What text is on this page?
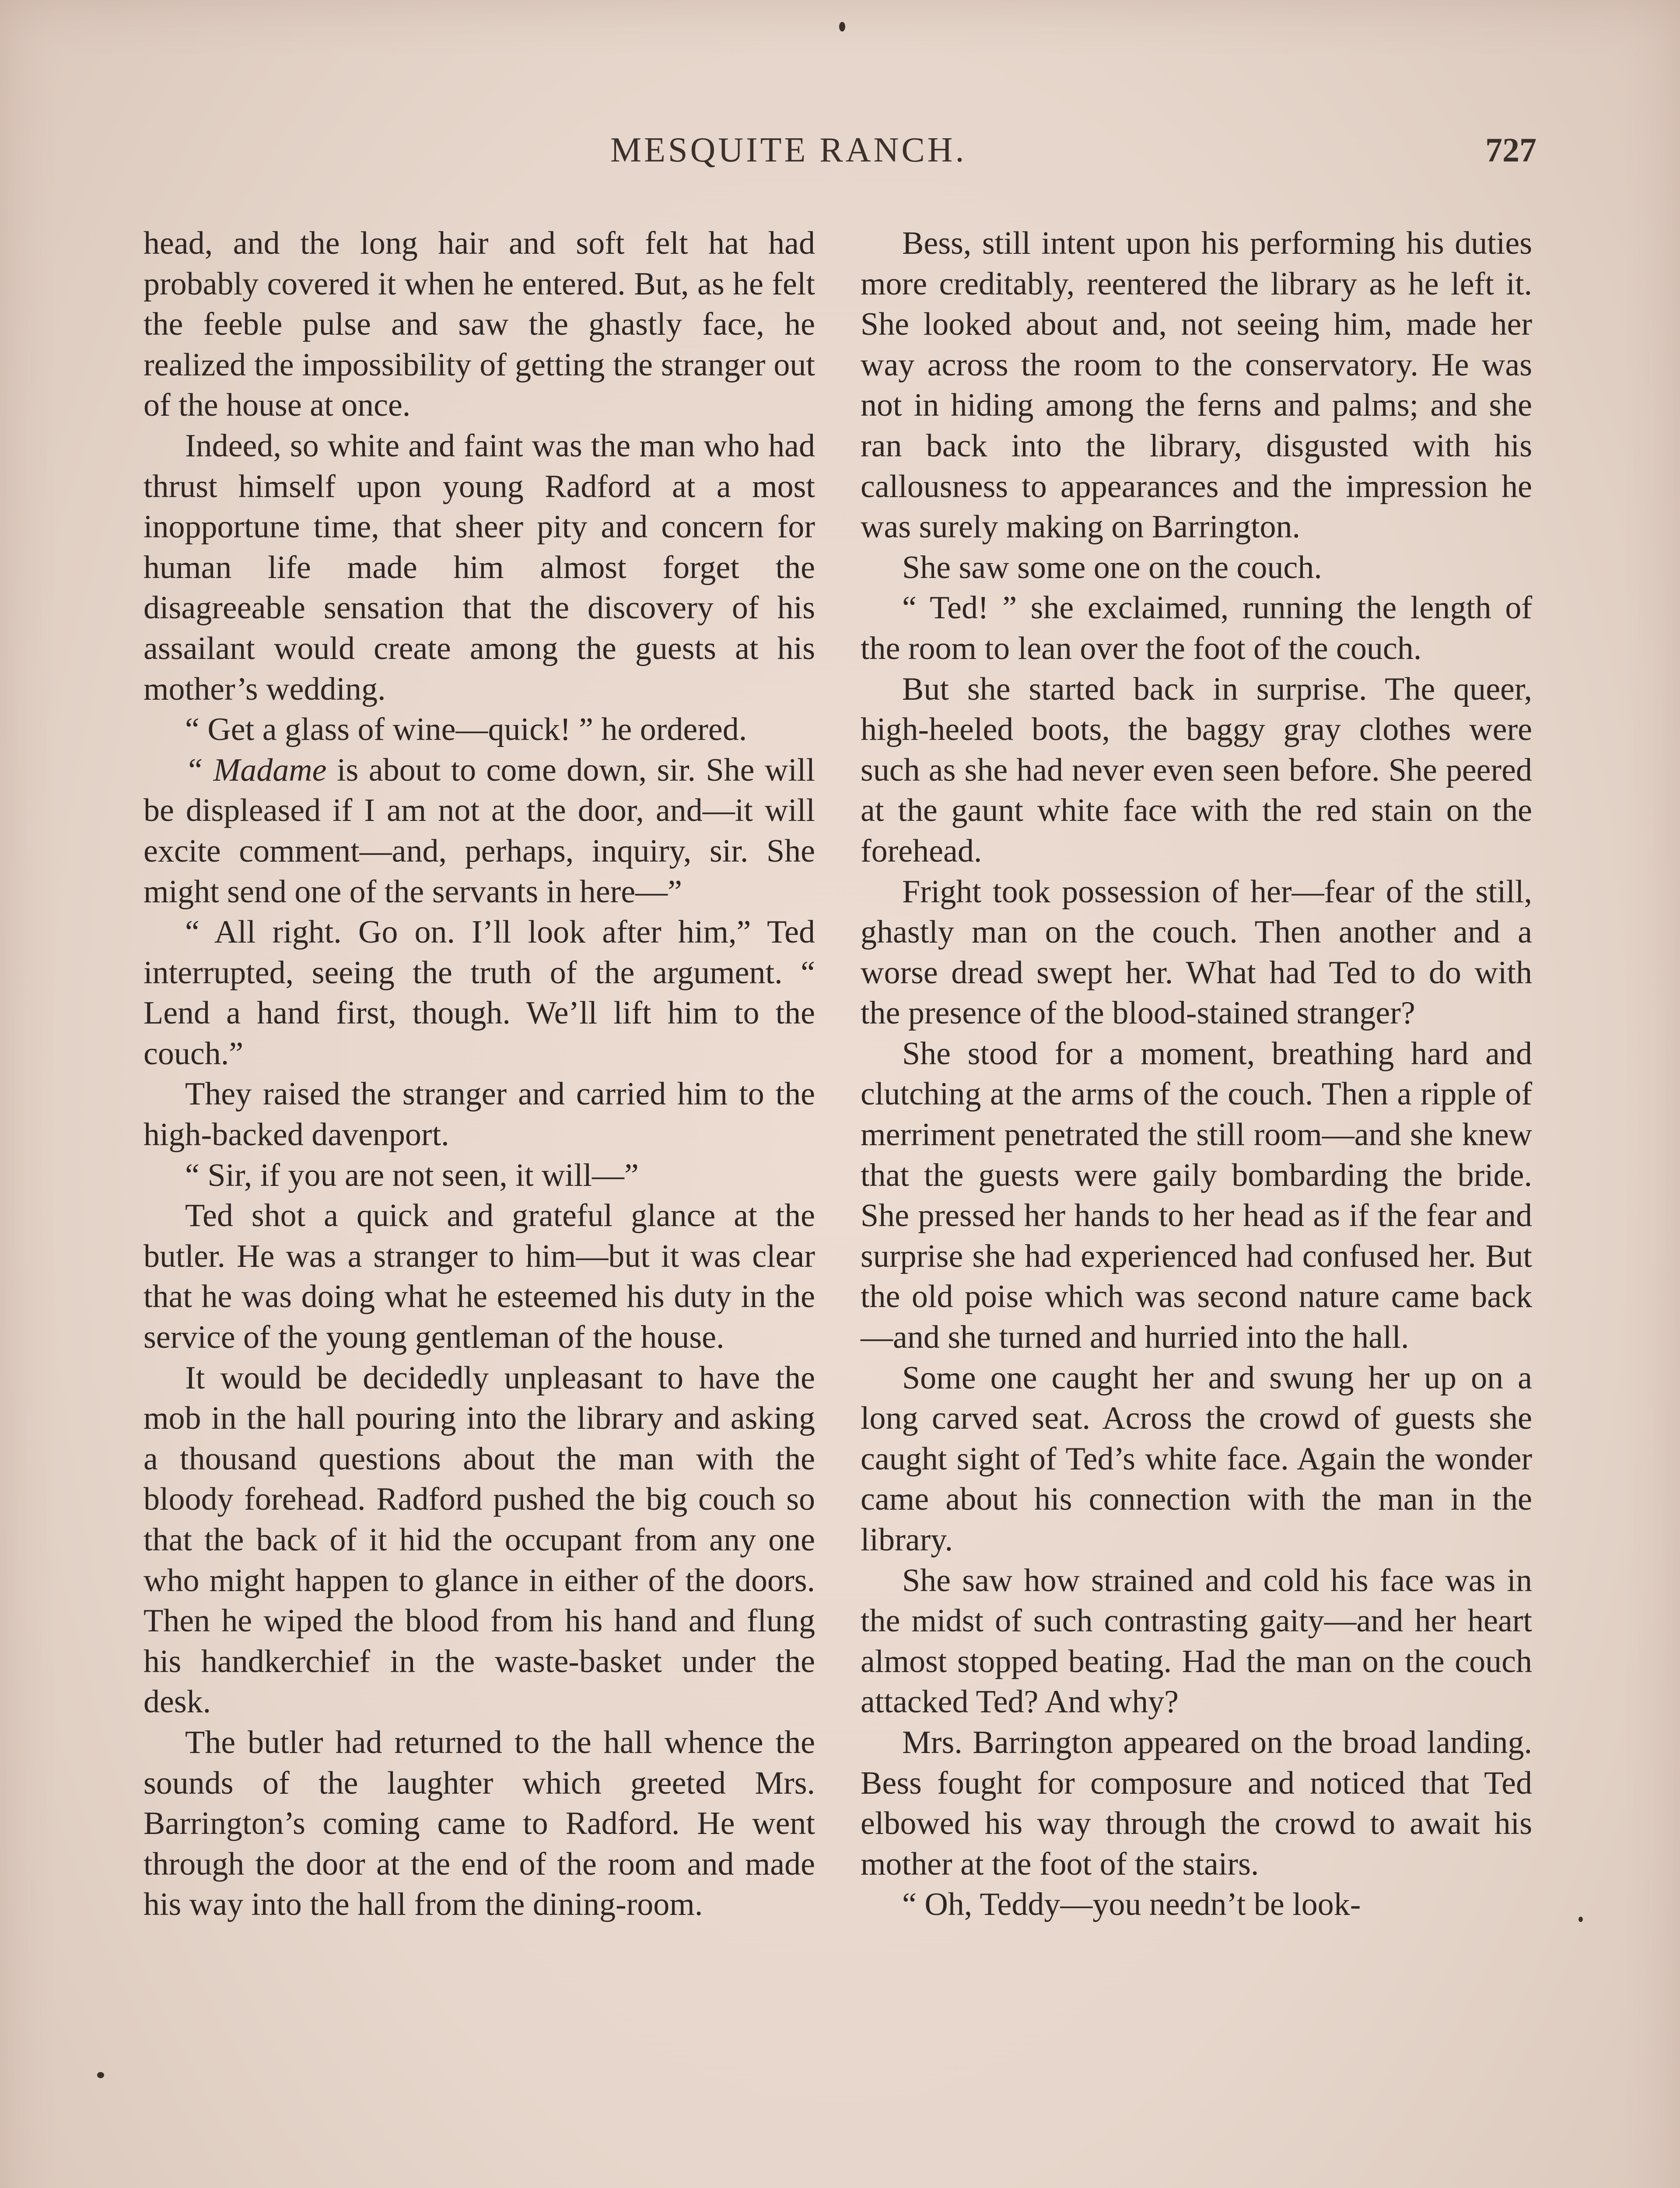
MESQUITE RANCH.	727

head, and the long hair and soft felt hat had probably covered it when he entered. But, as he felt the feeble pulse and saw the ghastly face, he realized the impossibility of getting the stranger out of the house at once.

Indeed, so white and faint was the man who had thrust himself upon young Radford at a most inopportune time, that sheer pity and concern for human life made him almost forget the disagreeable sensation that the discovery of his assailant would create among the guests at his mother’s wedding.

“ Get a glass of wine—quick! ” he ordered.

“ Madame is about to come down, sir. She will be displeased if I am not at the door, and—it will excite comment—and, perhaps, inquiry, sir. She might send one of the servants in here—”

“ All right. Go on. I’ll look after him,” Ted interrupted, seeing the truth of the argument. “ Lend a hand first, though. We’ll lift him to the couch.”

They raised the stranger and carried him to the high-backed davenport.

“ Sir, if you are not seen, it will—”

Ted shot a quick and grateful glance at the butler. He was a stranger to him—but it was clear that he was doing what he esteemed his duty in the service of the young gentleman of the house.

It would be decidedly unpleasant to have the mob in the hall pouring into the library and asking a thousand questions about the man with the bloody forehead. Radford pushed the big couch so that the back of it hid the occupant from any one who might happen to glance in either of the doors. Then he wiped the blood from his hand and flung his handkerchief in the waste-basket under the desk.

The butler had returned to the hall whence the sounds of the laughter which greeted Mrs. Barrington’s coming came to Radford. He went through the door at the end of the room and made his way into the hall from the dining-room.

Bess, still intent upon his performing his duties more creditably, reentered the library as he left it. She looked about and, not seeing him, made her way across the room to the conservatory. He was not in hiding among the ferns and palms; and she ran back into the library, disgusted with his callousness to appearances and the impression he was surely making on Barrington.

She saw some one on the couch.

“ Ted! ” she exclaimed, running the length of the room to lean over the foot of the couch.

But she started back in surprise. The queer, high-heeled boots, the baggy gray clothes were such as she had never even seen before. She peered at the gaunt white face with the red stain on the forehead.

Fright took possession of her—fear of the still, ghastly man on the couch. Then another and a worse dread swept her. What had Ted to do with the presence of the blood-stained stranger?

She stood for a moment, breathing hard and clutching at the arms of the couch. Then a ripple of merriment penetrated the still room—and she knew that the guests were gaily bombarding the bride. She pressed her hands to her head as if the fear and surprise she had experienced had confused her. But the old poise which was second nature came back—and she turned and hurried into the hall.

Some one caught her and swung her up on a long carved seat. Across the crowd of guests she caught sight of Ted’s white face. Again the wonder came about his connection with the man in the library.

She saw how strained and cold his face was in the midst of such contrasting gaity—and her heart almost stopped beating. Had the man on the couch attacked Ted? And why?

Mrs. Barrington appeared on the broad landing. Bess fought for composure and noticed that Ted elbowed his way through the crowd to await his mother at the foot of the stairs.

“ Oh, Teddy—you needn’t be look-
